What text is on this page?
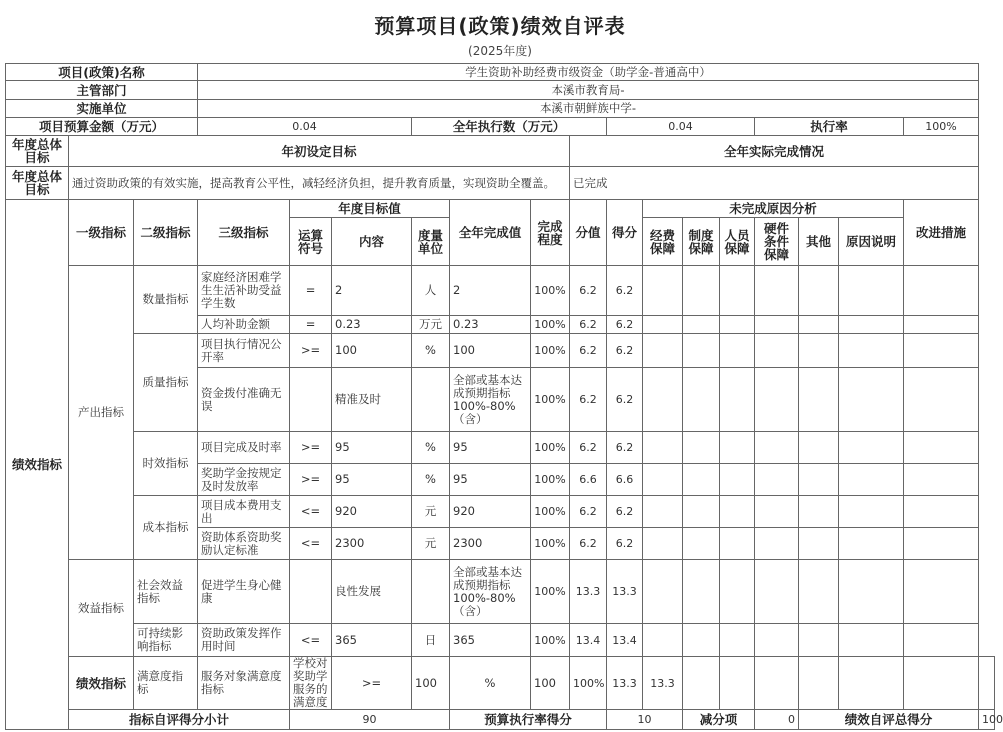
预算项目(政策)绩效自评表
(2025年度)
项目(政策)名称			学生资助补助经费市级资金（助学金-普通高中）															
主管部门			本溪市教育局-															
实施单位			本溪市朝鲜族中学-															
项目预算金额（万元）			0.04			全年执行数（万元）				0.04				执行率			100%	
年度总体目标	年初设定目标								全年实际完成情况									
年度总体目标	通过资助政策的有效实施，提高教育公平性，减轻经济负担，提升教育质量，实现资助全覆盖。								已完成									
绩效指标	一级指标	二级指标	三级指标	年度目标值			全年完成值	完成程度	分值	得分	未完成原因分析						改进措施	
				运算符号	内容	度量单位					经费保障	制度保障	人员保障	硬件条件保障	其他	原因说明		

	产出指标	数量指标	家庭经济困难学生生活补助受益学生数	=	2	人	2	100%	6.2	6.2								
			人均补助金额	=	0.23	万元	0.23	100%	6.2	6.2								
		质量指标	项目执行情况公开率	>=	100	%	100	100%	6.2	6.2								
			资金拨付准确无误		精准及时		全部或基本达成预期指标100%-80%（含）	100%	6.2	6.2								
		时效指标	项目完成及时率	>=	95	%	95	100%	6.2	6.2								
			奖助学金按规定及时发放率	>=	95	%	95	100%	6.6	6.6								
		成本指标	项目成本费用支出	<=	920	元	920	100%	6.2	6.2								
			资助体系资助奖励认定标准	<=	2300	元	2300	100%	6.2	6.2								
	效益指标	社会效益指标	促进学生身心健康		良性发展		全部或基本达成预期指标100%-80%（含）	100%	13.3	13.3								
		可持续影响指标	资助政策发挥作用时间	<=	365	日	365	100%	13.4	13.4								
	绩效指标	满意度指标	服务对象满意度指标	学校对奖助学服务的满意度	>=	100	%	100	100%	13.3	13.3							
	指标自评得分小计			90			预算执行率得分			10		减分项		0	绩效自评总得分			100
